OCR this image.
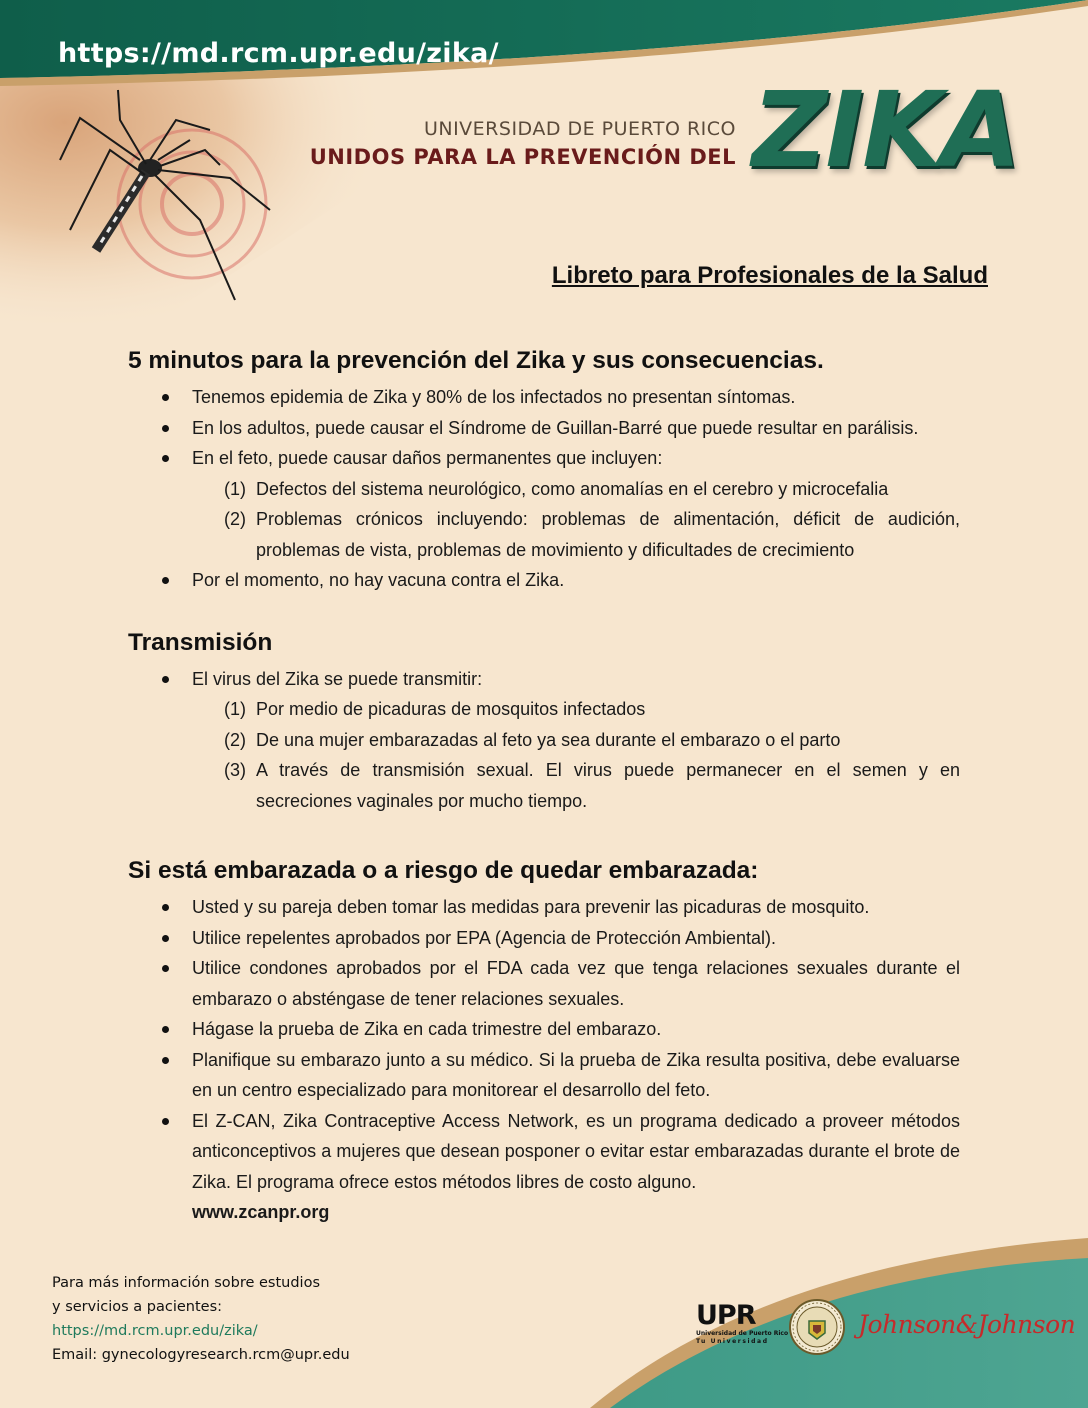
https://md.rcm.upr.edu/zika/
UNIVERSIDAD DE PUERTO RICO
UNIDOS PARA LA PREVENCIÓN DEL ZIKA
Libreto para Profesionales de la Salud
5 minutos para la prevención del Zika y sus consecuencias.
Tenemos epidemia de Zika y 80% de los infectados no presentan síntomas.
En los adultos, puede causar el Síndrome de Guillan-Barré que puede resultar en parálisis.
En el feto, puede causar daños permanentes que incluyen:
(1) Defectos del sistema neurológico, como anomalías en el cerebro y microcefalia
(2) Problemas crónicos incluyendo: problemas de alimentación, déficit de audición, problemas de vista, problemas de movimiento y dificultades de crecimiento
Por el momento, no hay vacuna contra el Zika.
Transmisión
El virus del Zika se puede transmitir:
(1) Por medio de picaduras de mosquitos infectados
(2) De una mujer embarazadas al feto ya sea durante el embarazo o el parto
(3) A través de transmisión sexual. El virus puede permanecer en el semen y en secreciones vaginales por mucho tiempo.
Si está embarazada o a riesgo de quedar embarazada:
Usted y su pareja deben tomar las medidas para prevenir las picaduras de mosquito.
Utilice repelentes aprobados por EPA (Agencia de Protección Ambiental).
Utilice condones aprobados por el FDA cada vez que tenga relaciones sexuales durante el embarazo o absténgase de tener relaciones sexuales.
Hágase la prueba de Zika en cada trimestre del embarazo.
Planifique su embarazo junto a su médico. Si la prueba de Zika resulta positiva, debe evaluarse en un centro especializado para monitorear el desarrollo del feto.
El Z-CAN, Zika Contraceptive Access Network, es un programa dedicado a proveer métodos anticonceptivos a mujeres que desean posponer o evitar estar embarazadas durante el brote de Zika. El programa ofrece estos métodos libres de costo alguno.
www.zcanpr.org
Para más información sobre estudios
y servicios a pacientes:
https://md.rcm.upr.edu/zika/
Email: gynecologyresearch.rcm@upr.edu
UPR
Universidad de Puerto Rico
Tu Universidad
Johnson&Johnson
